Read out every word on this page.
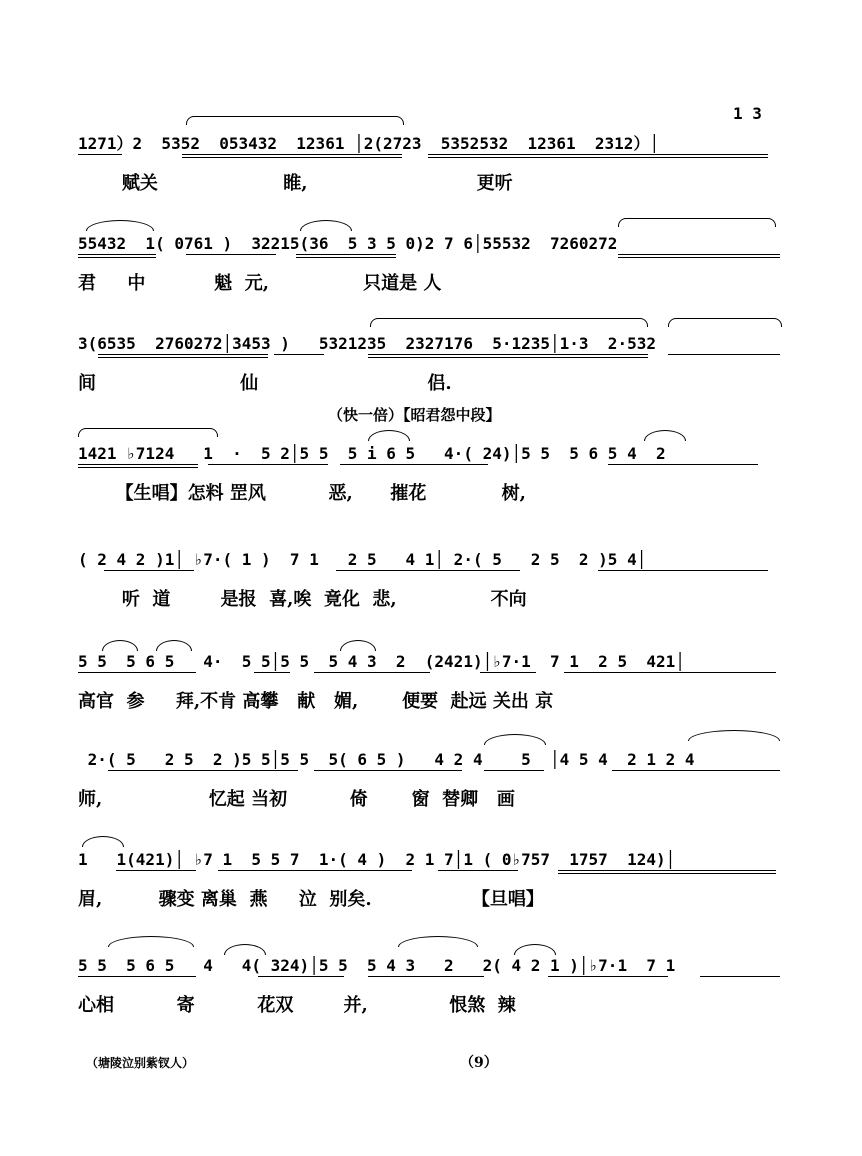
1 3
（快一倍）【昭君怨中段】
1271）2  5352  053432  12361 │2(2723  5352532  12361  2312）│
赋关                    睢,                           更听
55432  1( 0761 )  32215(36  5 3 5 0)2 7 6│55532  7260272
君     中           魁  元,               只道是 人
3(6535  2760272│3453 )   5321235  2327176  5·1235│1·3  2·532
间                       仙                           侣.
1421 ♭7124   1  ·  5 2│5 5  5 i 6 5   4·( 24)│5 5  5 6 5 4  2
【生唱】怎料 罡风          恶,      摧花            树,
( 2 4 2 )1│ ♭7·( 1 )  7 1   2 5   4 1│ 2·( 5   2 5  2 )5 4│
听  道        是报  喜,唉  竟化  悲,               不向
5 5  5 6 5   4·  5 5│5 5  5 4 3  2  (2421)│♭7·1  7 1  2 5  421│
高官  参     拜,不肯 高攀   献   媚,       便要  赴远 关出 京
2·( 5   2 5  2 )5 5│5 5  5( 6 5 )   4 2 4    5  │4 5 4  2 1 2 4
师,                 忆起 当初          倚       窗  替卿   画
1   1(421)│ ♭7 1  5 5 7  1·( 4 )  2 1 7│1 ( 0♭757  1757  124)│
眉,         骤变 离巢  燕     泣  别矣.                【旦唱】
5 5  5 6 5   4   4( 324)│5 5  5 4 3   2   2( 4 2 1 )│♭7·1  7 1
心相          寄          花双        并,             恨煞  辣
（塘陵泣别紫钗人）	（9）
